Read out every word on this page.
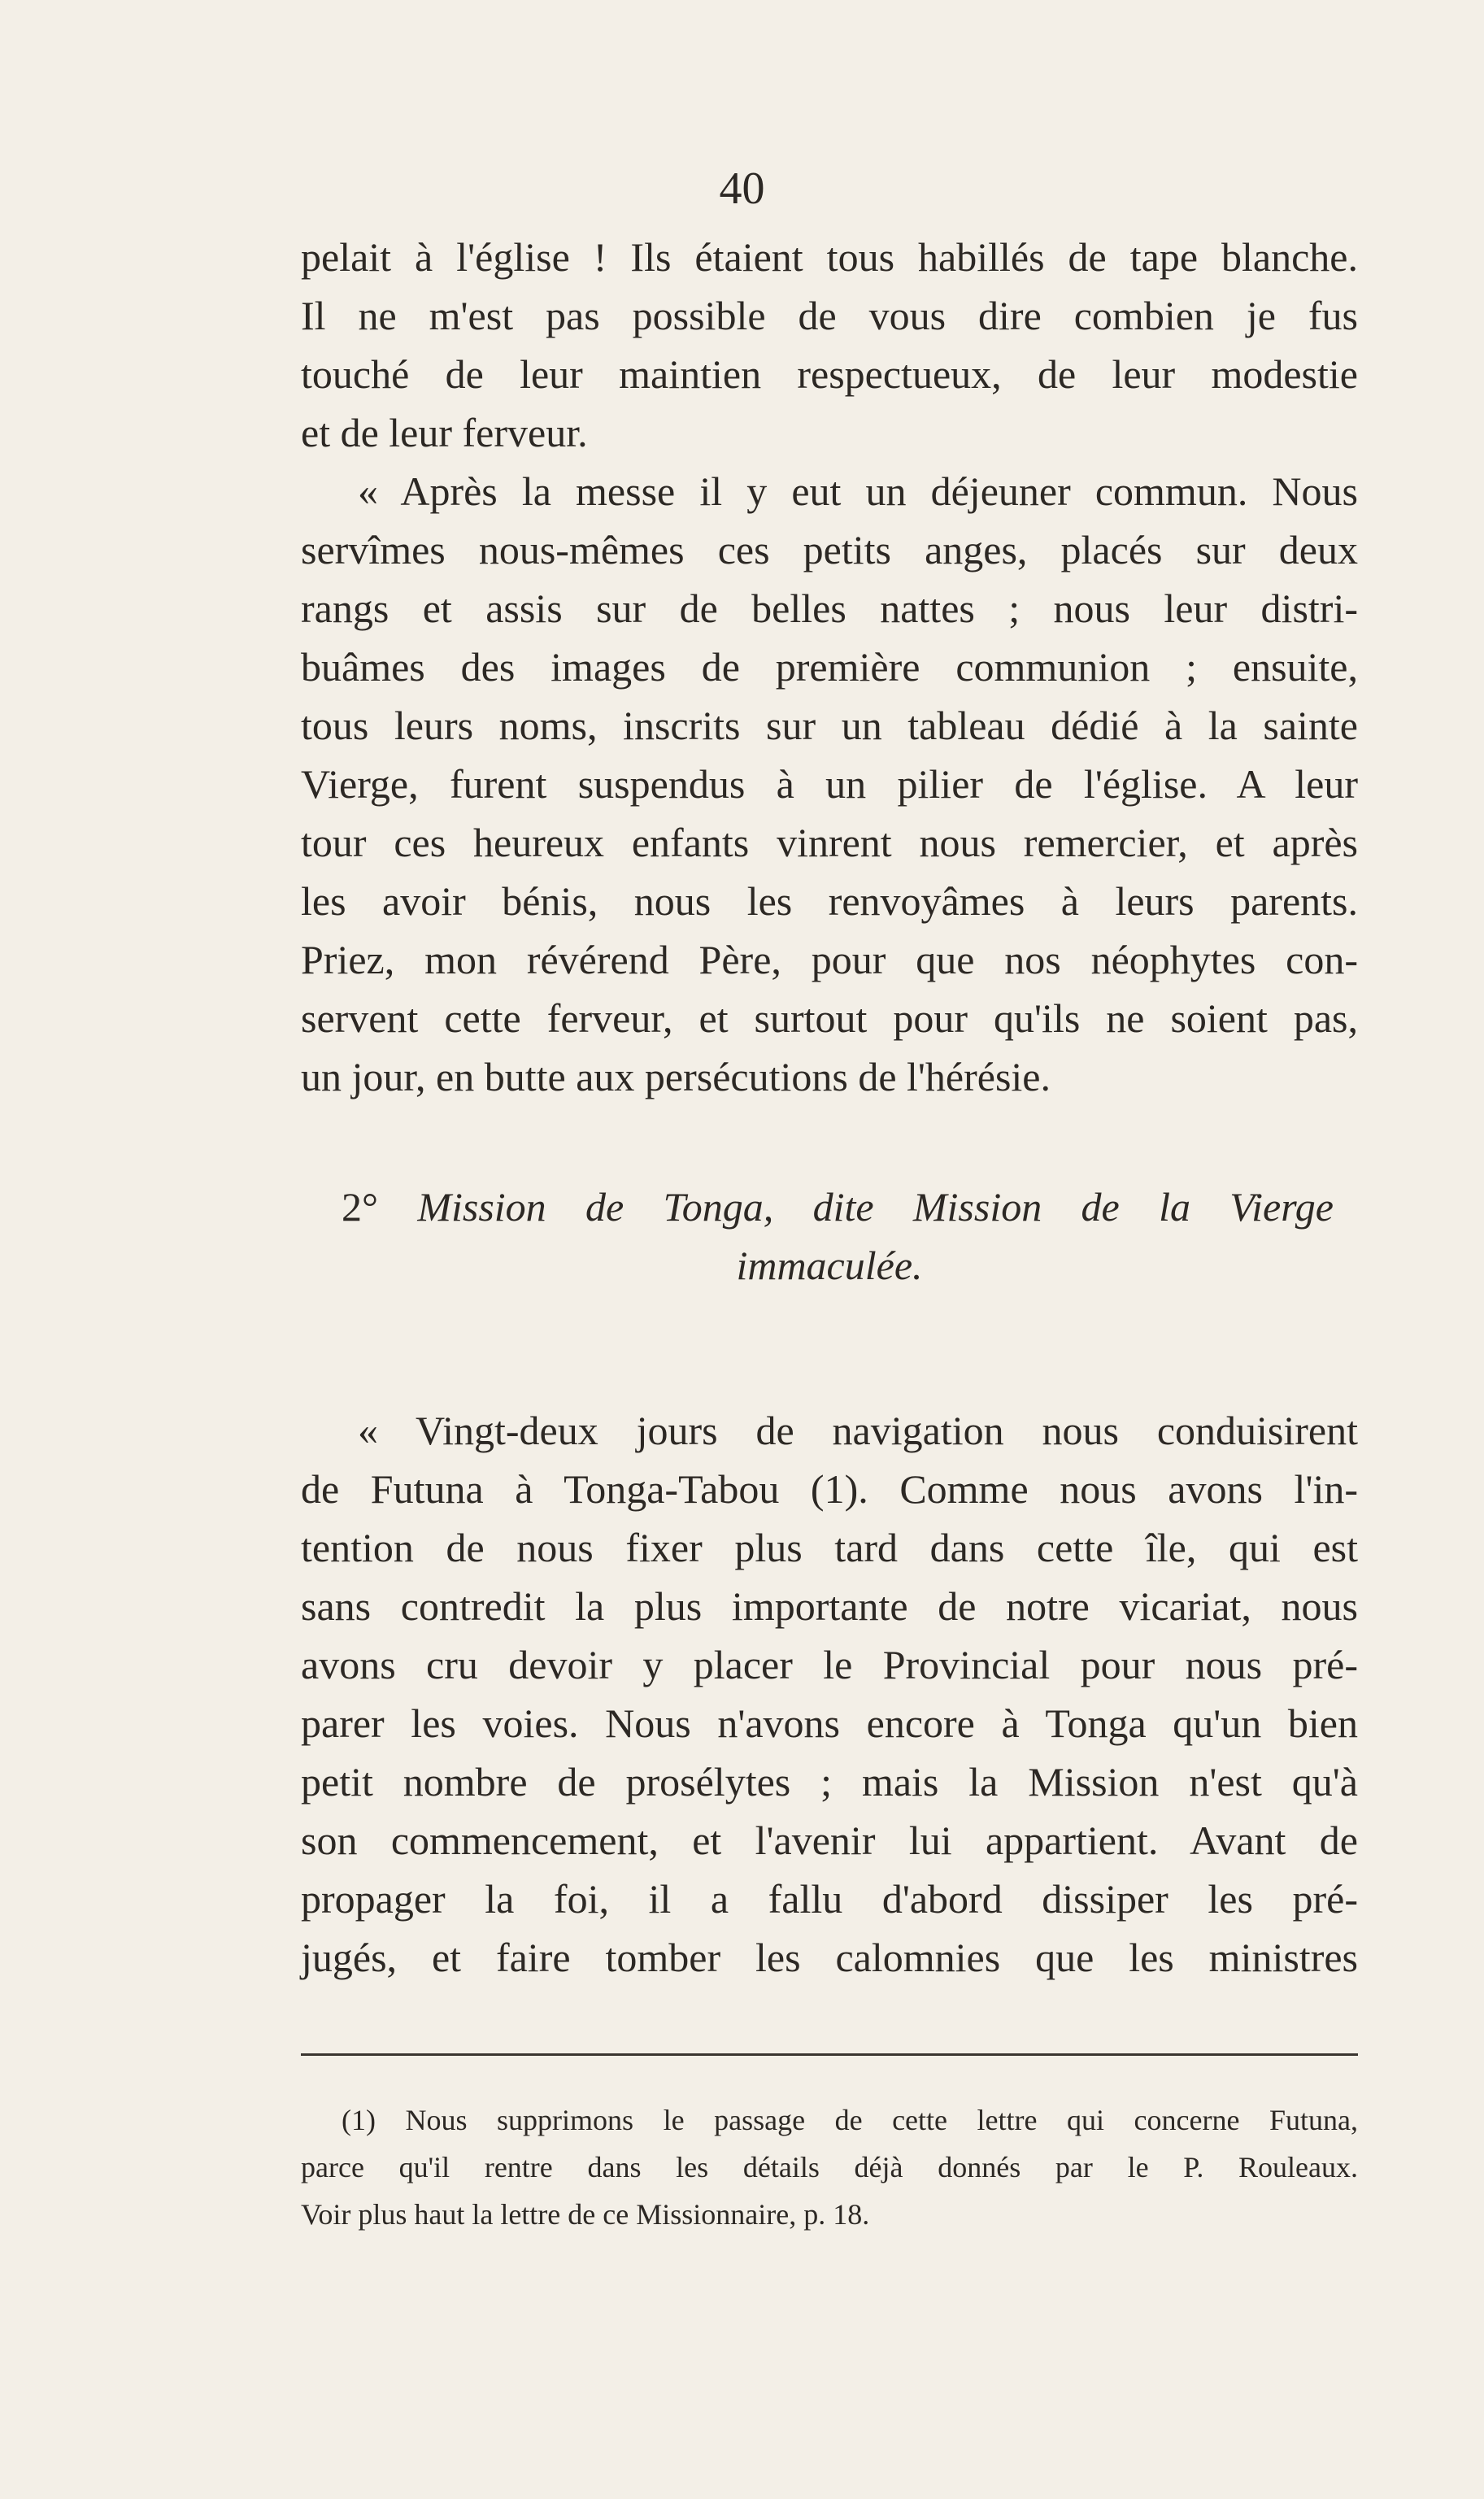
40
pelait à l'église ! Ils étaient tous habillés de tape blanche.
Il ne m'est pas possible de vous dire combien je fus
touché de leur maintien respectueux, de leur modestie
et de leur ferveur.
« Après la messe il y eut un déjeuner commun. Nous
servîmes nous-mêmes ces petits anges, placés sur deux
rangs et assis sur de belles nattes ; nous leur distri-
buâmes des images de première communion ; ensuite,
tous leurs noms, inscrits sur un tableau dédié à la sainte
Vierge, furent suspendus à un pilier de l'église. A leur
tour ces heureux enfants vinrent nous remercier, et après
les avoir bénis, nous les renvoyâmes à leurs parents.
Priez, mon révérend Père, pour que nos néophytes con-
servent cette ferveur, et surtout pour qu'ils ne soient pas,
un jour, en butte aux persécutions de l'hérésie.
2° Mission de Tonga, dite Mission de la Vierge
immaculée.
« Vingt-deux jours de navigation nous conduisirent
de Futuna à Tonga-Tabou (1). Comme nous avons l'in-
tention de nous fixer plus tard dans cette île, qui est
sans contredit la plus importante de notre vicariat, nous
avons cru devoir y placer le Provincial pour nous pré-
parer les voies. Nous n'avons encore à Tonga qu'un bien
petit nombre de prosélytes ; mais la Mission n'est qu'à
son commencement, et l'avenir lui appartient. Avant de
propager la foi, il a fallu d'abord dissiper les pré-
jugés, et faire tomber les calomnies que les ministres
(1) Nous supprimons le passage de cette lettre qui concerne Futuna,
parce qu'il rentre dans les détails déjà donnés par le P. Rouleaux.
Voir plus haut la lettre de ce Missionnaire, p. 18.
